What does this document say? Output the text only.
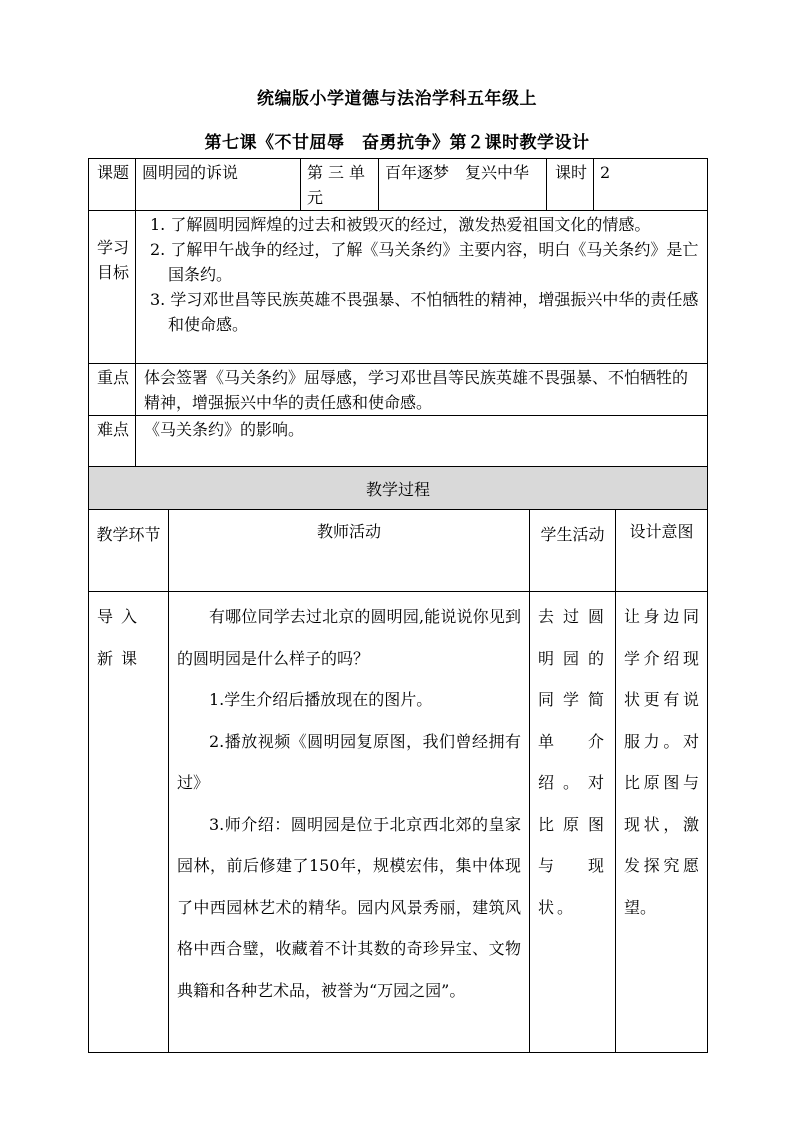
统编版小学道德与法治学科五年级上
第七课《不甘屈辱　奋勇抗争》第２课时教学设计
课题	圆明园的诉说	第三单元	百年逐梦　复兴中华	课时	2
学习目标	1. 了解圆明园辉煌的过去和被毁灭的经过，激发热爱祖国文化的情感。
2. 了解甲午战争的经过，了解《马关条约》主要内容，明白《马关条约》是亡国条约。
3. 学习邓世昌等民族英雄不畏强暴、不怕牺牲的精神，增强振兴中华的责任感和使命感。				

重点	体会签署《马关条约》屈辱感，学习邓世昌等民族英雄不畏强暴、不怕牺牲的精神，增强振兴中华的责任感和使命感。				
难点	《马关条约》的影响。				
教学过程			
教学环节	教师活动	学生活动	设计意图
导入新课	有哪位同学去过北京的圆明园,能说说你见到的圆明园是什么样子的吗？

1.学生介绍后播放现在的图片。

2.播放视频《圆明园复原图，我们曾经拥有过》

3.师介绍：圆明园是位于北京西北郊的皇家园林，前后修建了150年，规模宏伟，集中体现了中西园林艺术的精华。园内风景秀丽，建筑风格中西合璧，收藏着不计其数的奇珍异宝、文物典籍和各种艺术品，被誉为“万园之园”。	去过圆明园的同学简单介绍。对比原图与现状。	让身边同学介绍现状更有说服力。对比原图与现状，激发探究愿望。
